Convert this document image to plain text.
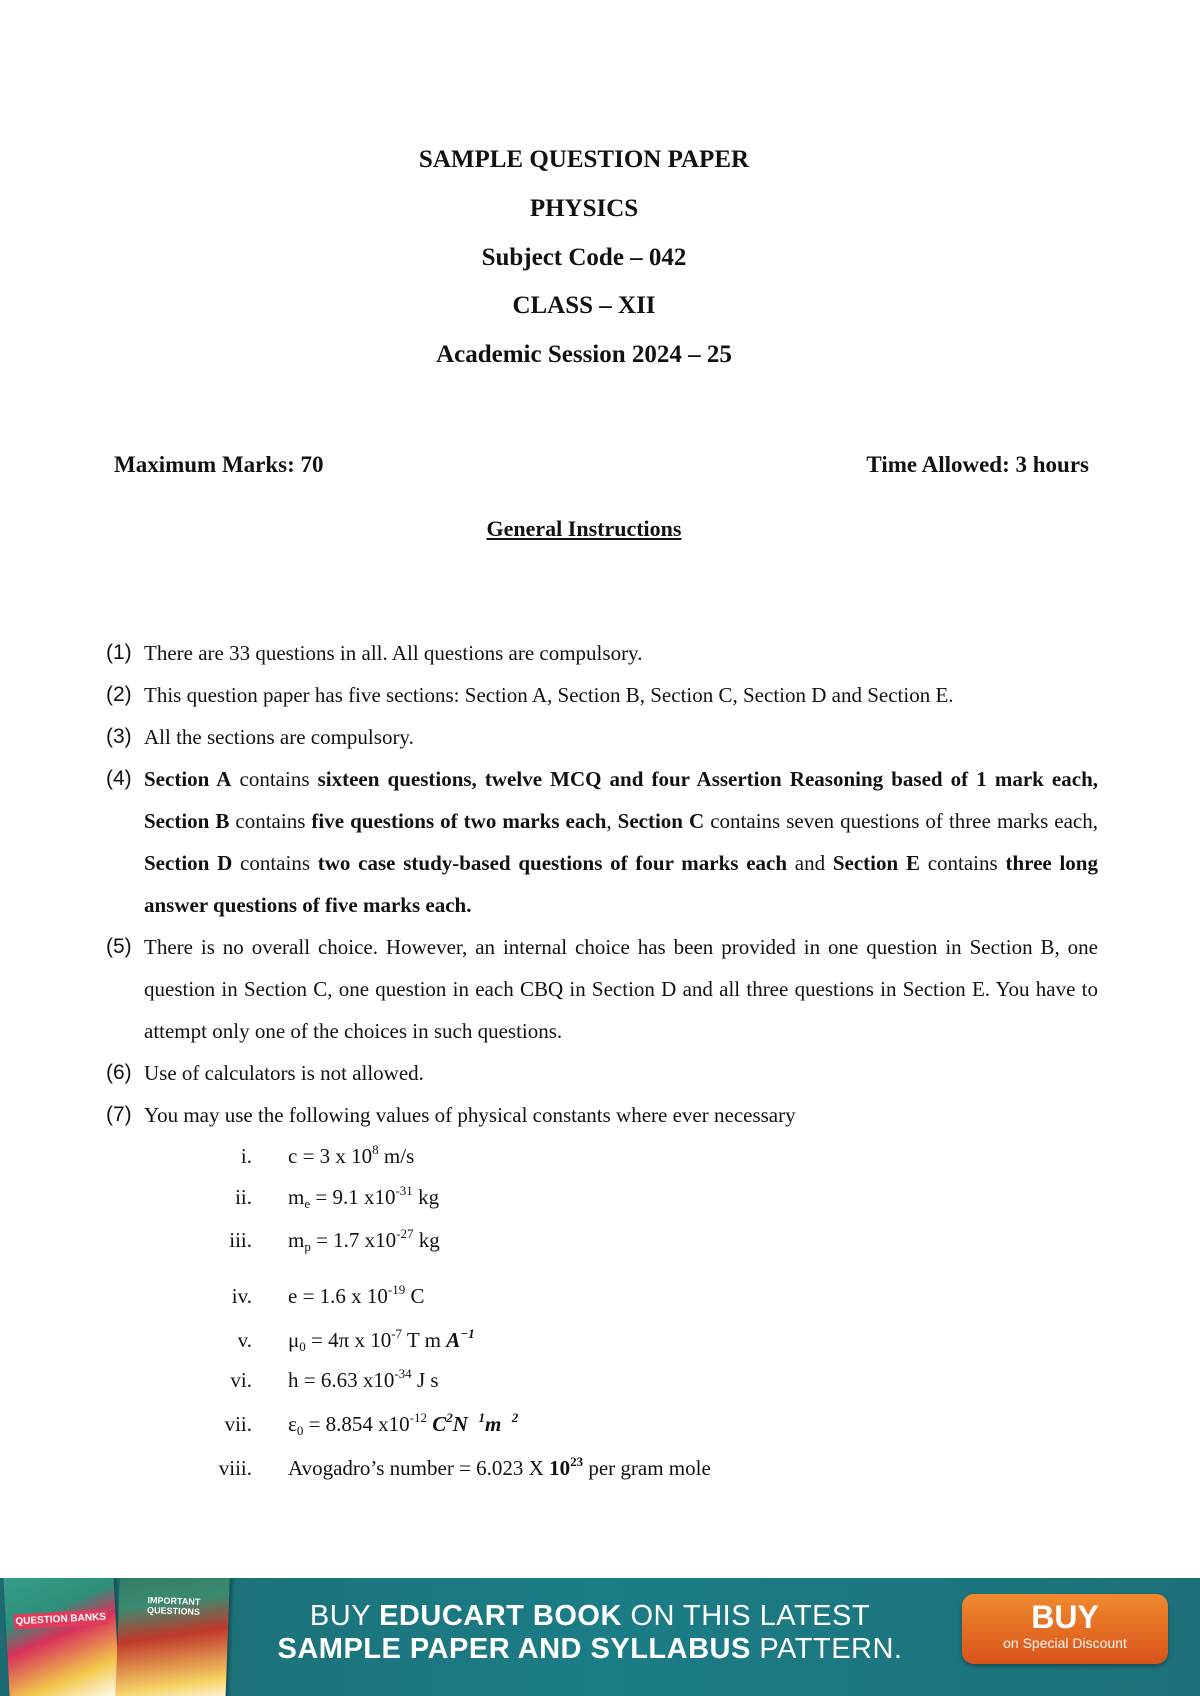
SAMPLE QUESTION PAPER
PHYSICS
Subject Code – 042
CLASS – XII
Academic Session 2024 – 25
Maximum Marks: 70	Time Allowed: 3 hours
General Instructions
(1) There are 33 questions in all. All questions are compulsory.
(2) This question paper has five sections: Section A, Section B, Section C, Section D and Section E.
(3) All the sections are compulsory.
(4) Section A contains sixteen questions, twelve MCQ and four Assertion Reasoning based of 1 mark each, Section B contains five questions of two marks each, Section C contains seven questions of three marks each, Section D contains two case study-based questions of four marks each and Section E contains three long answer questions of five marks each.
(5) There is no overall choice. However, an internal choice has been provided in one question in Section B, one question in Section C, one question in each CBQ in Section D and all three questions in Section E. You have to attempt only one of the choices in such questions.
(6) Use of calculators is not allowed.
(7) You may use the following values of physical constants where ever necessary
i. c = 3 x $10^8$ m/s
ii. $m_e = 9.1$ $x10^{-31}$ kg
iii. $m_p = 1.7$ $x10^{-27}$ kg
iv. e = 1.6 x $10^{-19}$ C
v. $\mu_0 = 4\pi$ x $10^{-7}$ T m $A^{-1}$
vi. h = 6.63 $x10^{-34}$ J s
vii. $\varepsilon_0 = 8.854$ $x10^{-12}$ $C^2N$ $^1$m $^2$
viii. Avogadro’s number = 6.023 X $10^{23}$ per gram mole
QUESTION BANKS
IMPORTANT QUESTIONS	BUY EDUCART BOOK ON THIS LATEST
SAMPLE PAPER AND SYLLABUS PATTERN.
BUY
on Special Discount
